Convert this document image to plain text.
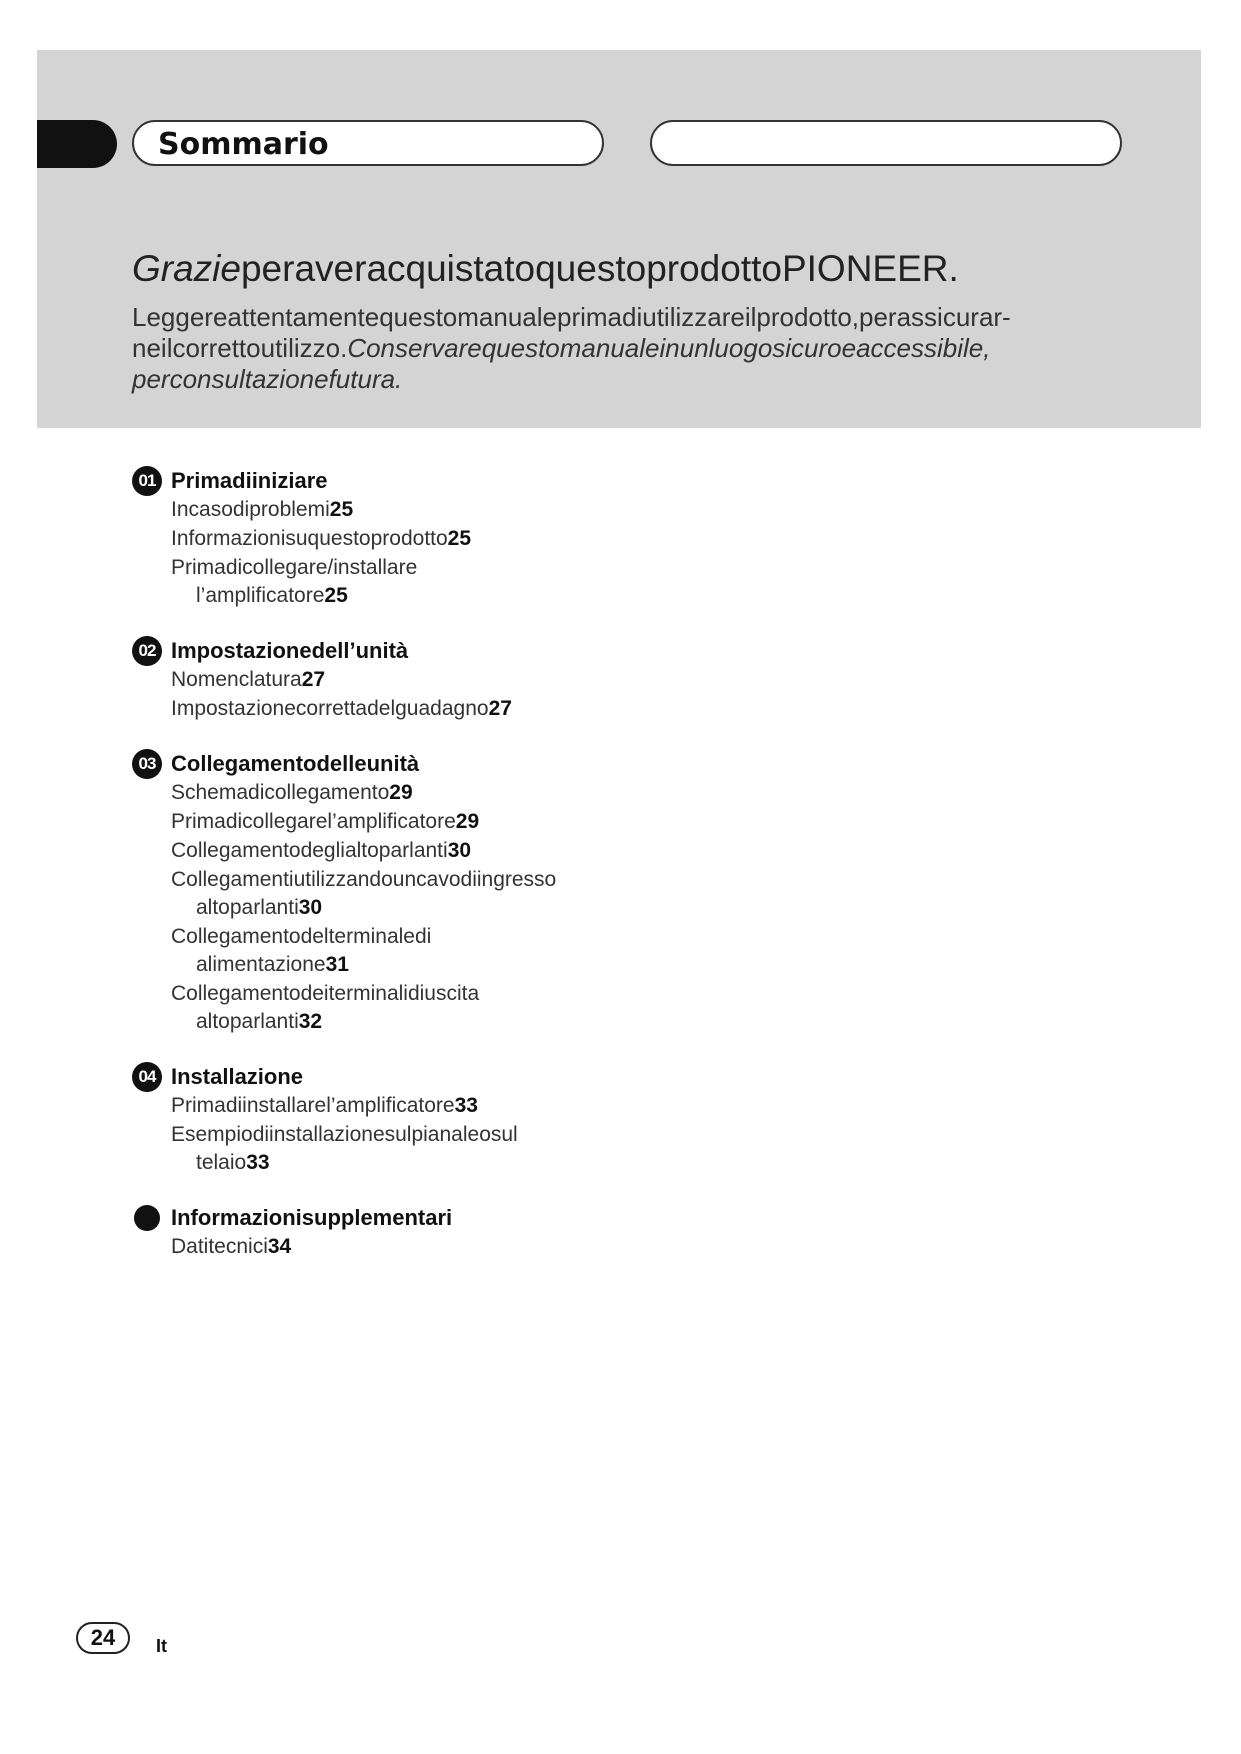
Sommario
GrazieperaveracquistatoquestoprodottoPIONEER.

Leggereattentamentequestomanualeprimadiutilizzareilprodotto,perassicurar-neilcorrettoutilizzo.Conservarequestomanualeinunluogosicuroeaccessibile, perconsultazionefutura.

01 Primadiiniziare
Incasodiproblemi25
Informazionisuquestoprodotto25
Primadicollegare/installare
l’amplificatore25
02 Impostazionedell’unità
Nomenclatura27
Impostazionecorrettadelguadagno27
03 Collegamentodelleunità
Schemadicollegamento29
Primadicollegarel’amplificatore29
Collegamentodeglialtoparlanti30
Collegamentiutilizzandouncavodiingresso
altoparlanti30
Collegamentodelterminaledi
alimentazione31
Collegamentodeiterminalidiuscita
altoparlanti32
04 Installazione
Primadiinstallarel’amplificatore33
Esempiodiinstallazionesulpianaleosul
telaio33
Informazionisupplementari
Datitecnici34
24	It
